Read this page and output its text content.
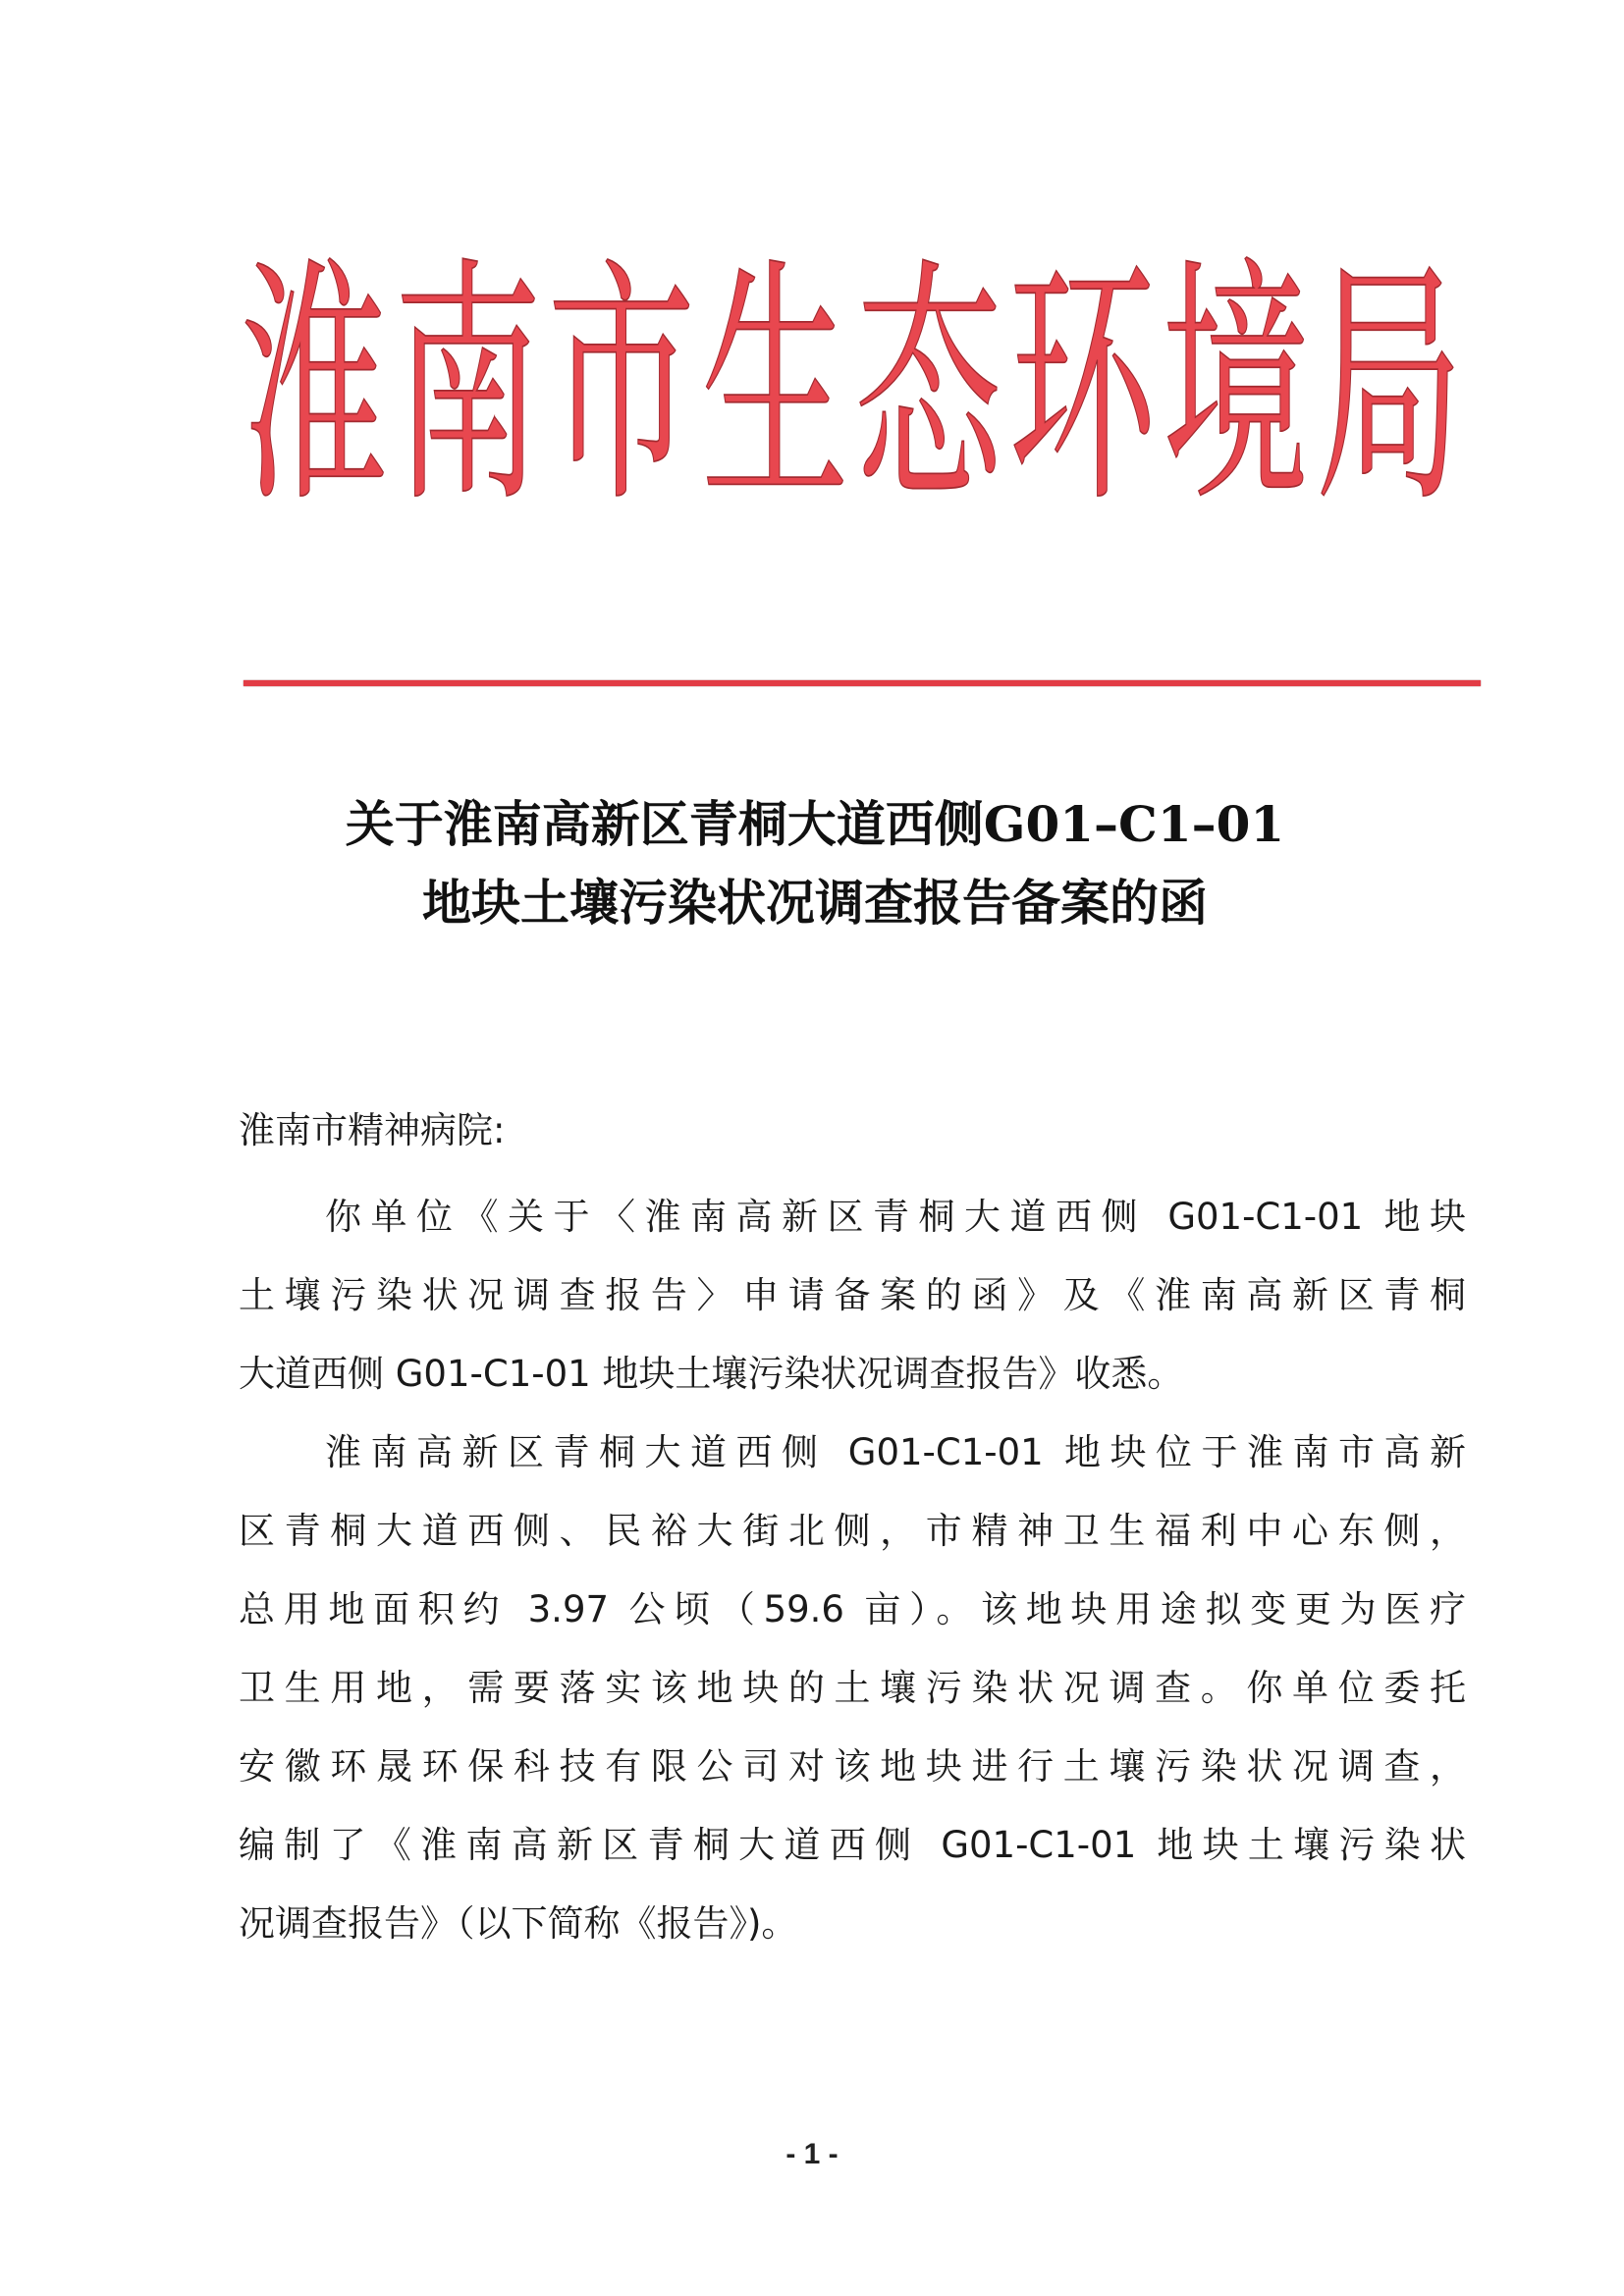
淮 南 市 生 态 环 境 局
关于淮南高新区青桐大道西侧G01–C1–01
地块土壤污染状况调查报告备案的函
淮南市精神病院:
你单位《关于〈淮南高新区青桐大道西侧 G01-C1-01 地块
土壤污染状况调查报告〉申请备案的函》及《淮南高新区青桐
大道西侧 G01-C1-01 地块土壤污染状况调查报告》收悉。
淮南高新区青桐大道西侧 G01-C1-01 地块位于淮南市高新
区青桐大道西侧、民裕大街北侧，市精神卫生福利中心东侧，
总用地面积约 3.97 公顷（59.6 亩）。该地块用途拟变更为医疗
卫生用地，需要落实该地块的土壤污染状况调查。你单位委托
安徽环晟环保科技有限公司对该地块进行土壤污染状况调查，
编制了《淮南高新区青桐大道西侧 G01-C1-01 地块土壤污染状
况调查报告》（以下简称《报告》)。
- 1 -
